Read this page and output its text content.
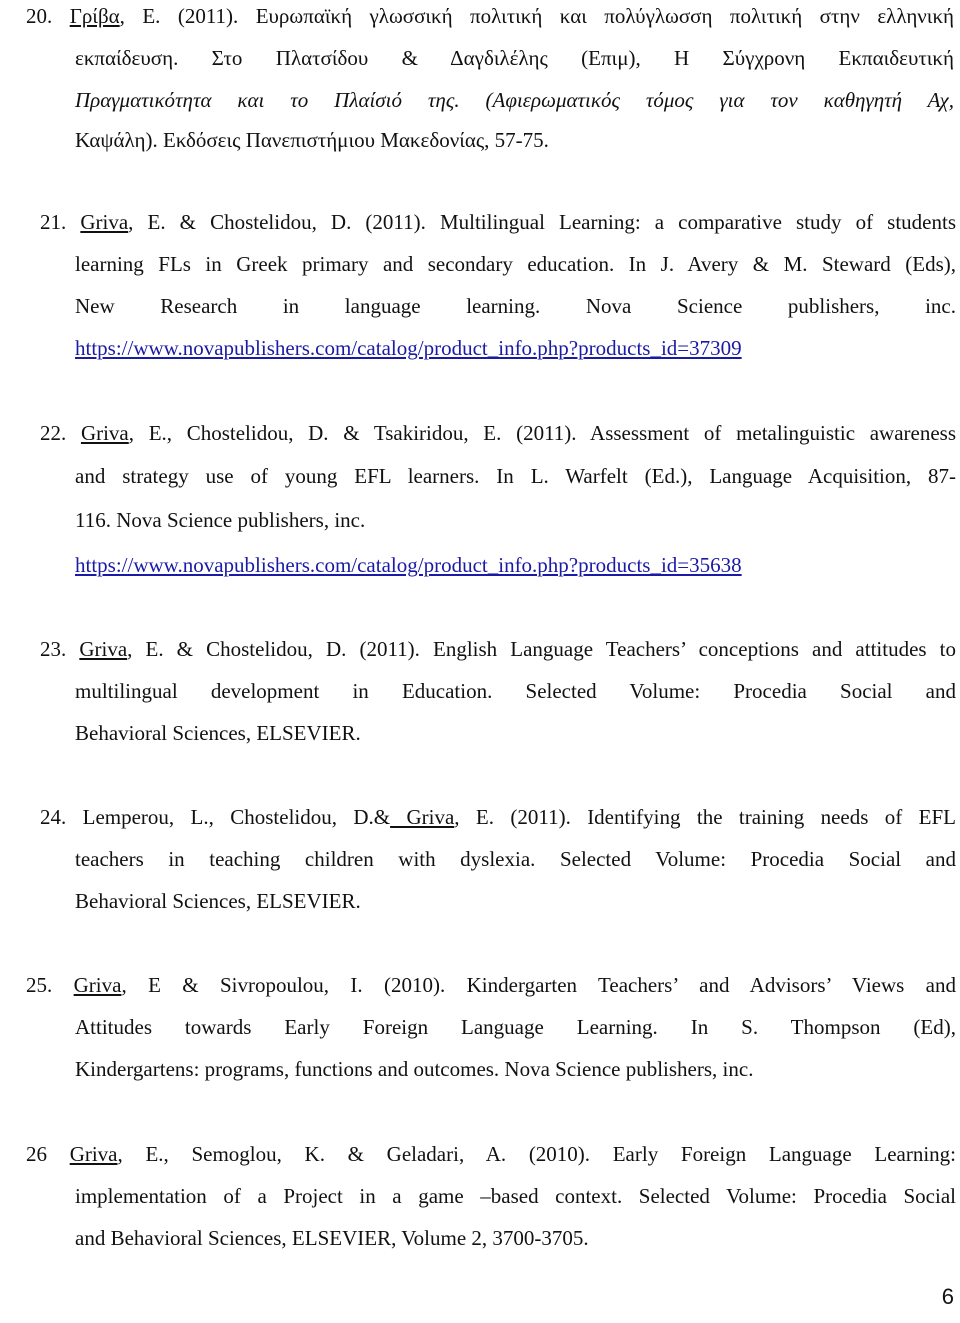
20. Γρίβα, Ε. (2011). Ευρωπαϊκή γλωσσική πολιτική και πολύγλωσση πολιτική στην ελληνική
εκπαίδευση. Στο Πλατσίδου & Δαγδιλέλης (Επιμ), Η Σύγχρονη Εκπαιδευτική
Πραγματικότητα και το Πλαίσιό της. (Αφιερωματικός τόμος για τον καθηγητή Αχ,
Καψάλη). Εκδόσεις Πανεπιστήμιου Μακεδονίας, 57-75.
21. Griva, E. & Chostelidou, D. (2011). Multilingual Learning: a comparative study of students
learning FLs in Greek primary and secondary education. In J. Avery & M. Steward (Eds),
New Research in language learning. Nova Science publishers, inc.
https://www.novapublishers.com/catalog/product_info.php?products_id=37309
22. Griva, E., Chostelidou, D. & Tsakiridou, E. (2011). Assessment of metalinguistic awareness
and strategy use of young EFL learners. In L. Warfelt (Ed.), Language Acquisition, 87-
116. Nova Science publishers, inc.
https://www.novapublishers.com/catalog/product_info.php?products_id=35638
23. Griva, E. & Chostelidou, D. (2011). English Language Teachers’ conceptions and attitudes to
multilingual development in Education. Selected Volume: Procedia Social and
Behavioral Sciences, ELSEVIER.
24. Lemperou, L., Chostelidou, D.& Griva, E. (2011). Identifying the training needs of EFL
teachers in teaching children with dyslexia. Selected Volume: Procedia Social and
Behavioral Sciences, ELSEVIER.
25. Griva, E & Sivropoulou, I. (2010). Kindergarten Teachers’ and Advisors’ Views and
Attitudes towards Early Foreign Language Learning. In S. Thompson (Ed),
Kindergartens: programs, functions and outcomes. Nova Science publishers, inc.
26 Griva, E., Semoglou, K. & Geladari, A. (2010). Early Foreign Language Learning:
implementation of a Project in a game –based context. Selected Volume: Procedia Social
and Behavioral Sciences, ELSEVIER, Volume 2, 3700-3705.
6
